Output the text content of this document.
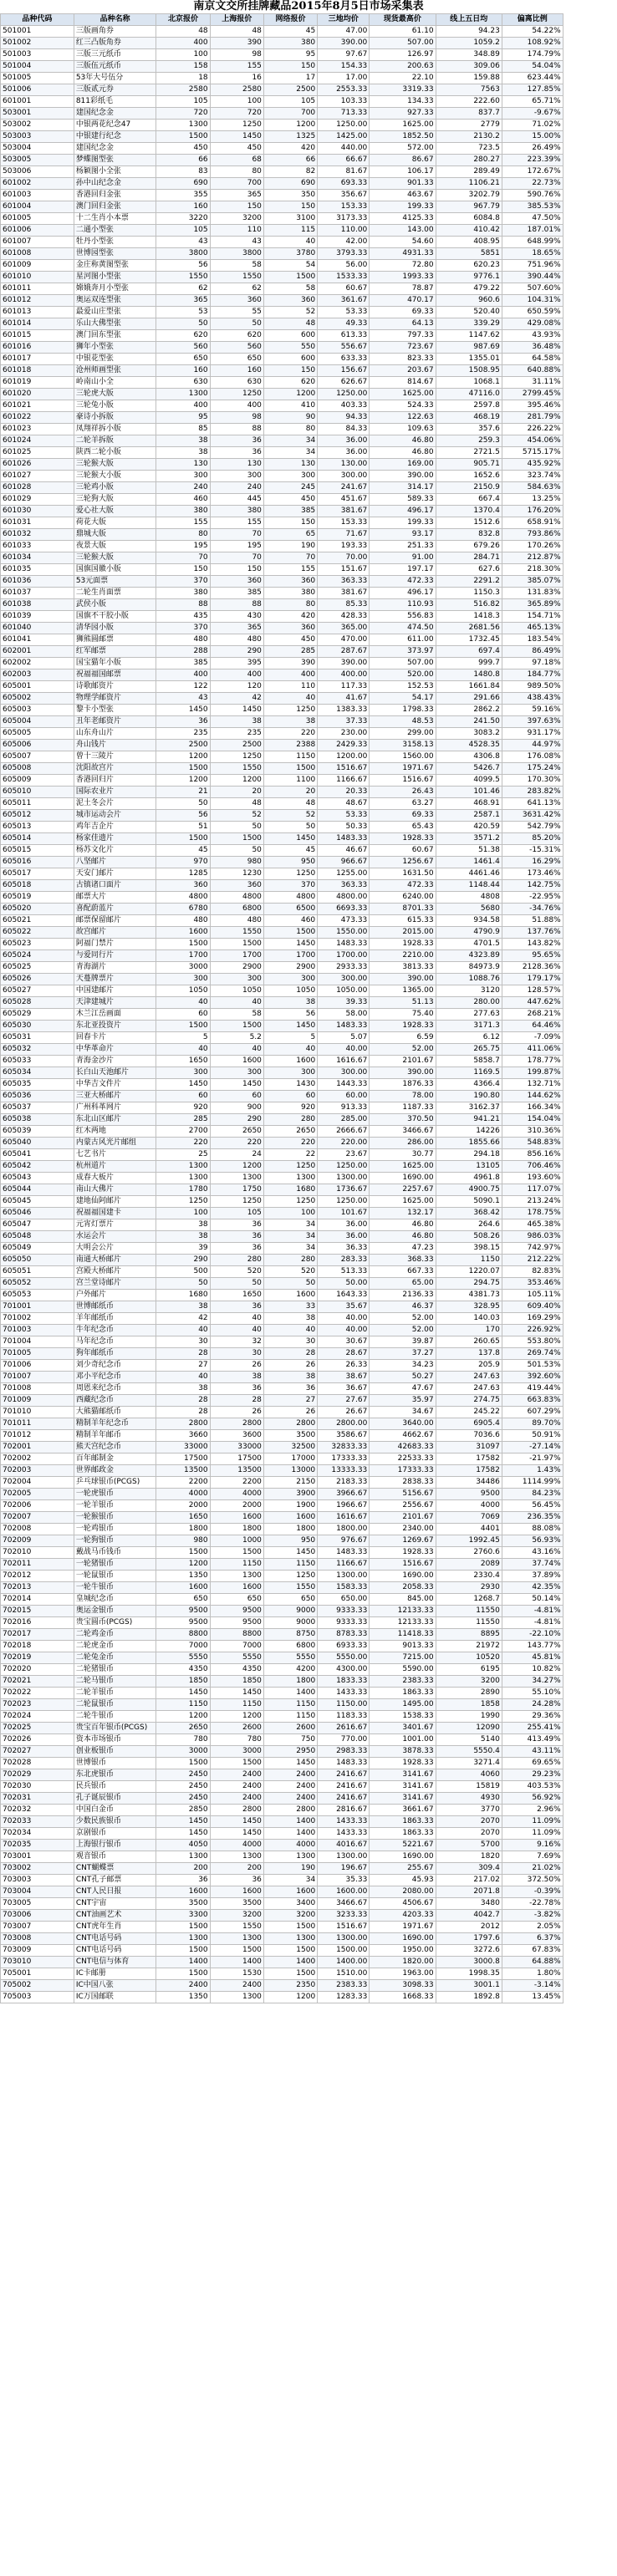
南京文交所挂牌藏品2015年8月5日市场采集表
品种代码	品种名称	北京报价	上海报价	网络报价	三地均价	现货最高价	线上五日均	偏离比例
501001	三版画角券	48	48	45	47.00	61.10	94.23	54.22%
501002	红三凸版角券	400	390	380	390.00	507.00	1059.2	108.92%
501003	三版三元纸币	100	98	95	97.67	126.97	348.89	174.79%
501004	三版伍元纸币	158	155	150	154.33	200.63	309.06	54.04%
501005	53年大号伍分	18	16	17	17.00	22.10	159.88	623.44%
501006	三版贰元券	2580	2580	2500	2553.33	3319.33	7563	127.85%
601001	811彩纸毛	105	100	105	103.33	134.33	222.60	65.71%
503001	建国纪念金	720	720	700	713.33	927.33	837.7	-9.67%
503002	中银两花纪念47	1300	1250	1200	1250.00	1625.00	2779	71.02%
503003	中银建行纪念	1500	1450	1325	1425.00	1852.50	2130.2	15.00%
503004	建国纪念金	450	450	420	440.00	572.00	723.5	26.49%
503005	梦蝶图型张	66	68	66	66.67	86.67	280.27	223.39%
503006	杨颖图小全张	83	80	82	81.67	106.17	289.49	172.67%
601002	孙中山纪念金	690	700	690	693.33	901.33	1106.21	22.73%
601003	香港回归金张	355	365	350	356.67	463.67	3202.79	590.76%
601004	澳门回归金张	160	150	150	153.33	199.33	967.79	385.53%
601005	十二生肖小本票	3220	3200	3100	3173.33	4125.33	6084.8	47.50%
601006	二通小型张	105	110	115	110.00	143.00	410.42	187.01%
601007	牡丹小型张	43	43	40	42.00	54.60	408.95	648.99%
601008	世博园型张	3800	3800	3780	3793.33	4931.33	5851	18.65%
601009	金庄称黄图型张	56	58	54	56.00	72.80	620.23	751.96%
601010	星河图小型张	1550	1550	1500	1533.33	1993.33	9776.1	390.44%
601011	嫦娥奔月小型张	62	62	58	60.67	78.87	479.22	507.60%
601012	奥运双连型张	365	360	360	361.67	470.17	960.6	104.31%
601013	最爱山庄型张	53	55	52	53.33	69.33	520.40	650.59%
601014	乐山大佛型张	50	50	48	49.33	64.13	339.29	429.08%
601015	澳门回东型张	620	620	600	613.33	797.33	1147.62	43.93%
601016	狮年小型张	560	560	550	556.67	723.67	987.69	36.48%
601017	中银花型张	650	650	600	633.33	823.33	1355.01	64.58%
601018	沧州师画型张	160	160	150	156.67	203.67	1508.95	640.88%
601019	岭南山小全	630	630	620	626.67	814.67	1068.1	31.11%
601020	三轮虎大版	1300	1250	1200	1250.00	1625.00	47116.0	2799.45%
601021	三轮兔小版	400	400	410	403.33	524.33	2597.8	395.46%
601022	豪诗小拆版	95	98	90	94.33	122.63	468.19	281.79%
601023	凤翔祥拆小版	85	88	80	84.33	109.63	357.6	226.22%
601024	二轮羊拆版	38	36	34	36.00	46.80	259.3	454.06%
601025	陕西二轮小版	38	36	34	36.00	46.80	2721.5	5715.17%
601026	三轮猴大版	130	130	130	130.00	169.00	905.71	435.92%
601027	三轮猴大小版	300	300	300	300.00	390.00	1652.6	323.74%
601028	三轮鸡小版	240	240	245	241.67	314.17	2150.9	584.63%
601029	三轮狗大版	460	445	450	451.67	589.33	667.4	13.25%
601030	爱心社大版	380	380	385	381.67	496.17	1370.4	176.20%
601031	荷花大版	155	155	150	153.33	199.33	1512.6	658.91%
601032	鼎城大版	80	70	65	71.67	93.17	832.8	793.86%
601033	夜景大版	195	195	190	193.33	251.33	679.26	170.26%
601034	三轮猴大版	70	70	70	70.00	91.00	284.71	212.87%
601035	国旗国徽小版	150	150	155	151.67	197.17	627.6	218.30%
601036	53元面票	370	360	360	363.33	472.33	2291.2	385.07%
601037	二轮生肖面票	380	385	380	381.67	496.17	1150.3	131.83%
601038	武侯小版	88	88	80	85.33	110.93	516.82	365.89%
601039	国旗不干胶小版	435	430	420	428.33	556.83	1418.3	154.71%
601040	清华园小版	370	365	360	365.00	474.50	2681.56	465.13%
601041	狮熊圆邮票	480	480	450	470.00	611.00	1732.45	183.54%
602001	红军邮票	288	290	285	287.67	373.97	697.4	86.49%
602002	国宝猫年小版	385	395	390	390.00	507.00	999.7	97.18%
602003	祝福福国邮票	400	400	400	400.00	520.00	1480.8	184.77%
605001	诗歌邮资片	122	120	110	117.33	152.53	1661.84	989.50%
605002	物理学邮资片	43	42	40	41.67	54.17	291.66	438.43%
605003	黎卡小型张	1450	1450	1250	1383.33	1798.33	2862.2	59.16%
605004	丑年老邮资片	36	38	38	37.33	48.53	241.50	397.63%
605005	山东舟山片	235	235	220	230.00	299.00	3083.2	931.17%
605006	舟山钱片	2500	2500	2388	2429.33	3158.13	4528.35	44.97%
605007	曾十三陵片	1200	1250	1150	1200.00	1560.00	4306.8	176.08%
605008	沈阳故宫片	1500	1550	1500	1516.67	1971.67	5426.7	175.24%
605009	香港回归片	1200	1200	1100	1166.67	1516.67	4099.5	170.30%
605010	国际农业片	21	20	20	20.33	26.43	101.46	283.82%
605011	泥土冬会片	50	48	48	48.67	63.27	468.91	641.13%
605012	城市运动会片	56	52	52	53.33	69.33	2587.1	3631.42%
605013	鸡年吉企片	51	50	50	50.33	65.43	420.59	542.79%
605014	杨家佳遗片	1500	1500	1450	1483.33	1928.33	3571.2	85.20%
605015	杨苏文化片	45	50	45	46.67	60.67	51.38	-15.31%
605016	八坚邮片	970	980	950	966.67	1256.67	1461.4	16.29%
605017	天安门邮片	1285	1230	1250	1255.00	1631.50	4461.46	173.46%
605018	古镇诸口面片	360	360	370	363.33	472.33	1148.44	142.75%
605019	邮票大片	4800	4800	4800	4800.00	6240.00	4808	-22.95%
605020	喜配蔚蓝片	6780	6800	6500	6693.33	8701.33	5680	-34.76%
605021	邮票保留邮片	480	480	460	473.33	615.33	934.58	51.88%
605022	故宫邮片	1600	1550	1500	1550.00	2015.00	4790.9	137.76%
605023	阿福门禁片	1500	1500	1450	1483.33	1928.33	4701.5	143.82%
605024	与爱同行片	1700	1700	1700	1700.00	2210.00	4323.89	95.65%
605025	青海湖片	3000	2900	2900	2933.33	3813.33	84973.9	2128.36%
605026	天蔓牌票片	300	300	300	300.00	390.00	1088.76	179.17%
605027	中国建邮片	1050	1050	1050	1050.00	1365.00	3120	128.57%
605028	天津建城片	40	40	38	39.33	51.13	280.00	447.62%
605029	木兰江岳画面	60	58	56	58.00	75.40	277.63	268.21%
605030	东北亚投资片	1500	1500	1450	1483.33	1928.33	3171.3	64.46%
605031	回春卡片	5	5.2	5	5.07	6.59	6.12	-7.09%
605032	中华革命片	40	40	40	40.00	52.00	265.75	411.06%
605033	青海金沙片	1650	1600	1600	1616.67	2101.67	5858.7	178.77%
605034	长白山天池邮片	300	300	300	300.00	390.00	1169.5	199.87%
605035	中华吉文件片	1450	1450	1430	1443.33	1876.33	4366.4	132.71%
605036	三亚大桥邮片	60	60	60	60.00	78.00	190.80	144.62%
605037	广州科革网片	920	900	920	913.33	1187.33	3162.37	166.34%
605038	东北山区邮片	285	290	280	285.00	370.50	941.21	154.04%
605039	红木两地	2700	2650	2650	2666.67	3466.67	14226	310.36%
605040	内蒙古风光片邮组	220	220	220	220.00	286.00	1855.66	548.83%
605041	七艺书片	25	24	22	23.67	30.77	294.18	856.16%
605042	杭州道片	1300	1200	1250	1250.00	1625.00	13105	706.46%
605043	成春大板片	1300	1300	1300	1300.00	1690.00	4961.8	193.60%
605044	南山大佛片	1780	1750	1680	1736.67	2257.67	4900.75	117.07%
605045	建地仙阿邮片	1250	1250	1250	1250.00	1625.00	5090.1	213.24%
605046	祝福福国建卡	100	105	100	101.67	132.17	368.42	178.75%
605047	元宵灯票片	38	36	34	36.00	46.80	264.6	465.38%
605048	水运会片	38	36	34	36.00	46.80	508.26	986.03%
605049	大明会公片	39	36	34	36.33	47.23	398.15	742.97%
605050	南通大桥邮片	290	280	280	283.33	368.33	1150	212.22%
605051	宫殿大桥邮片	500	520	520	513.33	667.33	1220.07	82.83%
605052	宫兰堂诗邮片	50	50	50	50.00	65.00	294.75	353.46%
605053	户外邮片	1680	1650	1600	1643.33	2136.33	4381.73	105.11%
701001	世博邮纸币	38	36	33	35.67	46.37	328.95	609.40%
701002	羊年邮纸币	42	40	38	40.00	52.00	140.03	169.29%
701003	牛年纪念币	40	40	40	40.00	52.00	170	226.92%
701004	马年纪念币	30	32	30	30.67	39.87	260.65	553.80%
701005	狗年邮纸币	28	30	28	28.67	37.27	137.8	269.74%
701006	刘少奇纪念币	27	26	26	26.33	34.23	205.9	501.53%
701007	邓小平纪念币	40	38	38	38.67	50.27	247.63	392.60%
701008	周恩来纪念币	38	36	36	36.67	47.67	247.63	419.44%
701009	西藏纪念币	28	28	27	27.67	35.97	274.75	663.83%
701010	大熊猫邮纸币	28	26	26	26.67	34.67	245.22	607.29%
701011	精制羊年纪念币	2800	2800	2800	2800.00	3640.00	6905.4	89.70%
701012	精制羊年邮币	3660	3600	3500	3586.67	4662.67	7036.6	50.91%
702001	熊天宫纪念币	33000	33000	32500	32833.33	42683.33	31097	-27.14%
702002	百年邮制金	17500	17500	17000	17333.33	22533.33	17582	-21.97%
702003	世界邮政金	13500	13500	13000	13333.33	17333.33	17582	1.43%
702004	乒乓球银币(PCGS)	2200	2200	2150	2183.33	2838.33	34486	1114.99%
702005	一轮虎银币	4000	4000	3900	3966.67	5156.67	9500	84.23%
702006	一轮羊银币	2000	2000	1900	1966.67	2556.67	4000	56.45%
702007	一轮猴银币	1650	1600	1600	1616.67	2101.67	7069	236.35%
702008	一轮鸡银币	1800	1800	1800	1800.00	2340.00	4401	88.08%
702009	一轮狗银币	980	1000	950	976.67	1269.67	1992.45	56.93%
702010	戴战马币钱币	1500	1500	1450	1483.33	1928.33	2760.6	43.16%
702011	一轮猪银币	1200	1150	1150	1166.67	1516.67	2089	37.74%
702012	一轮鼠银币	1350	1300	1250	1300.00	1690.00	2330.4	37.89%
702013	一轮牛银币	1600	1600	1550	1583.33	2058.33	2930	42.35%
702014	皇城纪念币	650	650	650	650.00	845.00	1268.7	50.14%
702015	奥运金银币	9500	9500	9000	9333.33	12133.33	11550	-4.81%
702016	贵宝圆币(PCGS)	9500	9500	9000	9333.33	12133.33	11550	-4.81%
702017	二轮鸡金币	8800	8800	8750	8783.33	11418.33	8895	-22.10%
702018	二轮虎金币	7000	7000	6800	6933.33	9013.33	21972	143.77%
702019	二轮兔金币	5550	5550	5550	5550.00	7215.00	10520	45.81%
702020	二轮猪银币	4350	4350	4200	4300.00	5590.00	6195	10.82%
702021	二轮马银币	1850	1850	1800	1833.33	2383.33	3200	34.27%
702022	二轮羊银币	1450	1450	1400	1433.33	1863.33	2890	55.10%
702023	二轮鼠银币	1150	1150	1150	1150.00	1495.00	1858	24.28%
702024	二轮牛银币	1200	1200	1150	1183.33	1538.33	1990	29.36%
702025	贵宝百年银币(PCGS)	2650	2600	2600	2616.67	3401.67	12090	255.41%
702026	资本市场银币	780	780	750	770.00	1001.00	5140	413.49%
702027	创业板银币	3000	3000	2950	2983.33	3878.33	5550.4	43.11%
702028	世博银币	1500	1500	1450	1483.33	1928.33	3271.4	69.65%
702029	东北虎银币	2450	2400	2400	2416.67	3141.67	4060	29.23%
702030	民兵银币	2450	2400	2400	2416.67	3141.67	15819	403.53%
702031	孔子诞辰银币	2450	2400	2400	2416.67	3141.67	4930	56.92%
702032	中国白金币	2850	2800	2800	2816.67	3661.67	3770	2.96%
702033	少数民族银币	1450	1450	1400	1433.33	1863.33	2070	11.09%
702034	京剧银币	1450	1450	1400	1433.33	1863.33	2070	11.09%
702035	上海银行银币	4050	4000	4000	4016.67	5221.67	5700	9.16%
703001	观音银币	1300	1300	1300	1300.00	1690.00	1820	7.69%
703002	CNT蝴蝶票	200	200	190	196.67	255.67	309.4	21.02%
703003	CNT孔子邮票	36	36	34	35.33	45.93	217.02	372.50%
703004	CNT人民日报	1600	1600	1600	1600.00	2080.00	2071.8	-0.39%
703005	CNT宇宙	3500	3500	3400	3466.67	4506.67	3480	-22.78%
703006	CNT油画艺术	3300	3200	3200	3233.33	4203.33	4042.7	-3.82%
703007	CNT虎年生肖	1500	1550	1500	1516.67	1971.67	2012	2.05%
703008	CNT电话号码	1300	1300	1300	1300.00	1690.00	1797.6	6.37%
703009	CNT电话号码	1500	1500	1500	1500.00	1950.00	3272.6	67.83%
703010	CNT电信与体育	1400	1400	1400	1400.00	1820.00	3000.8	64.88%
705001	IC卡邮册	1500	1530	1500	1510.00	1963.00	1998.35	1.80%
705002	IC中国八张	2400	2400	2350	2383.33	3098.33	3001.1	-3.14%
705003	IC万国邮联	1350	1300	1200	1283.33	1668.33	1892.8	13.45%
